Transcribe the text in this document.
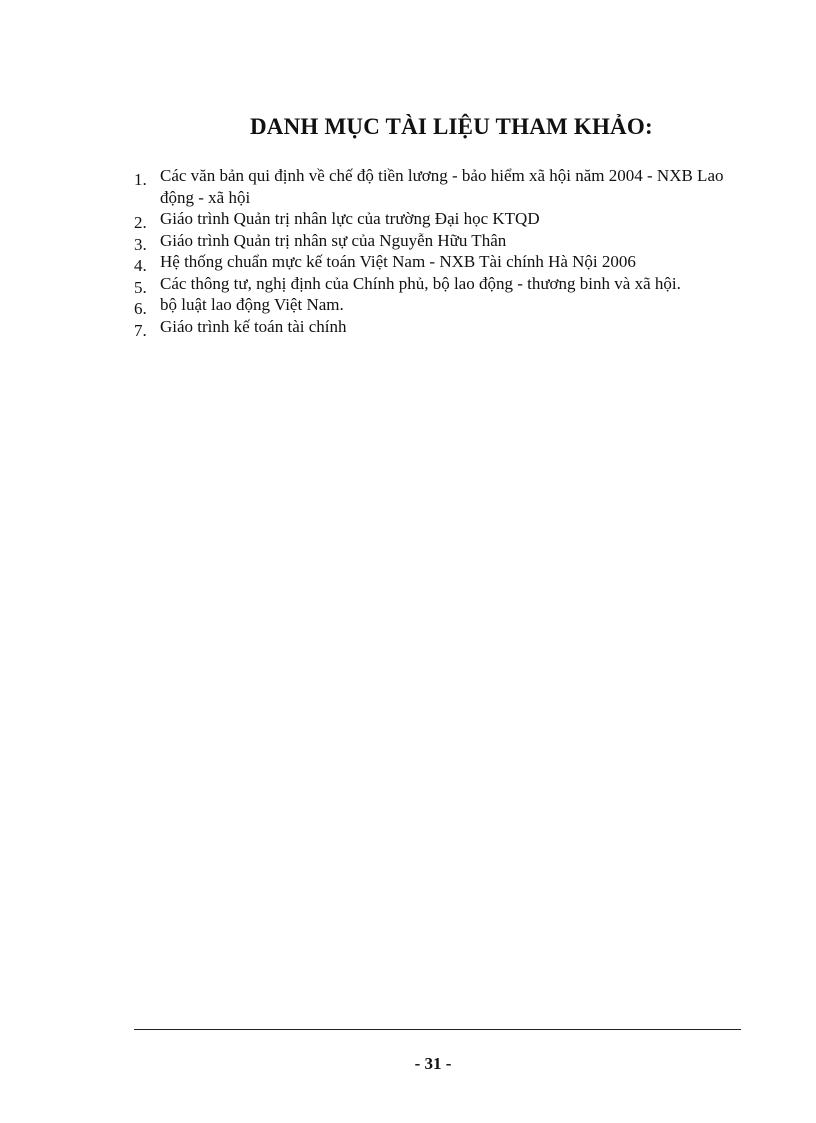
DANH MỤC TÀI LIỆU THAM KHẢO:
1. Các văn bản qui định về chế độ tiền lương - bảo hiểm xã hội năm 2004 - NXB Lao động - xã hội
2. Giáo trình Quản trị nhân lực của trường Đại học KTQD
3. Giáo trình Quản trị nhân sự của Nguyễn Hữu Thân
4. Hệ thống chuẩn mực kế toán Việt Nam - NXB Tài chính Hà Nội 2006
5. Các thông tư, nghị định của Chính phủ, bộ lao động - thương binh và xã hội.
6. bộ luật lao động Việt Nam.
7. Giáo trình kế toán tài chính
- 31 -
